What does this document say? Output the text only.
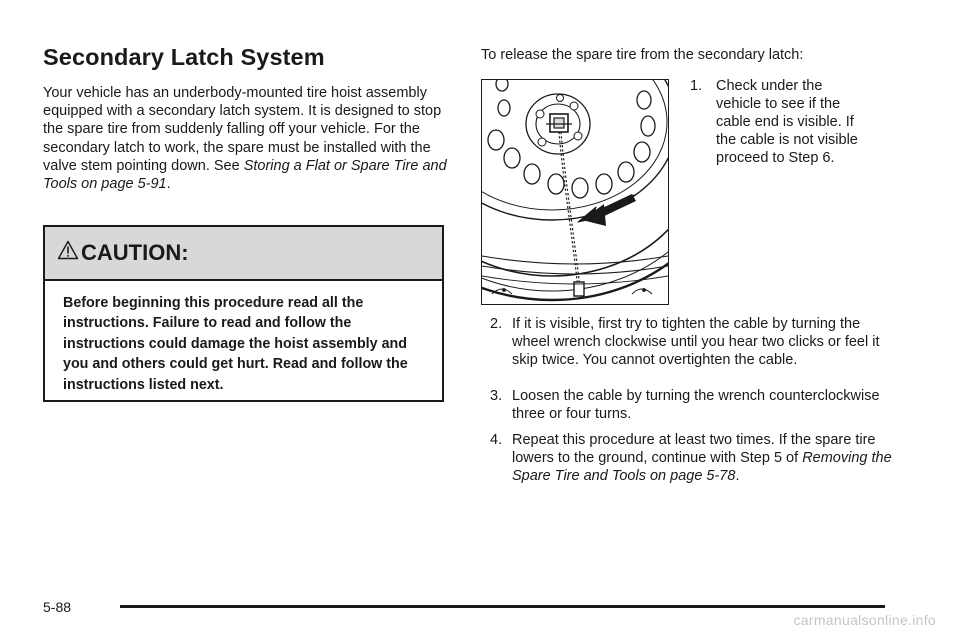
Secondary Latch System
Your vehicle has an underbody-mounted tire hoist assembly equipped with a secondary latch system. It is designed to stop the spare tire from suddenly falling off your vehicle. For the secondary latch to work, the spare must be installed with the valve stem pointing down. See Storing a Flat or Spare Tire and Tools on page 5-91.
CAUTION:
Before beginning this procedure read all the instructions. Failure to read and follow the instructions could damage the hoist assembly and you and others could get hurt. Read and follow the instructions listed next.
To release the spare tire from the secondary latch:
1. Check under the vehicle to see if the cable end is visible. If the cable is not visible proceed to Step 6.
2. If it is visible, first try to tighten the cable by turning the wheel wrench clockwise until you hear two clicks or feel it skip twice. You cannot overtighten the cable.
3. Loosen the cable by turning the wrench counterclockwise three or four turns.
4. Repeat this procedure at least two times. If the spare tire lowers to the ground, continue with Step 5 of Removing the Spare Tire and Tools on page 5-78.
5-88
carmanualsonline.info
